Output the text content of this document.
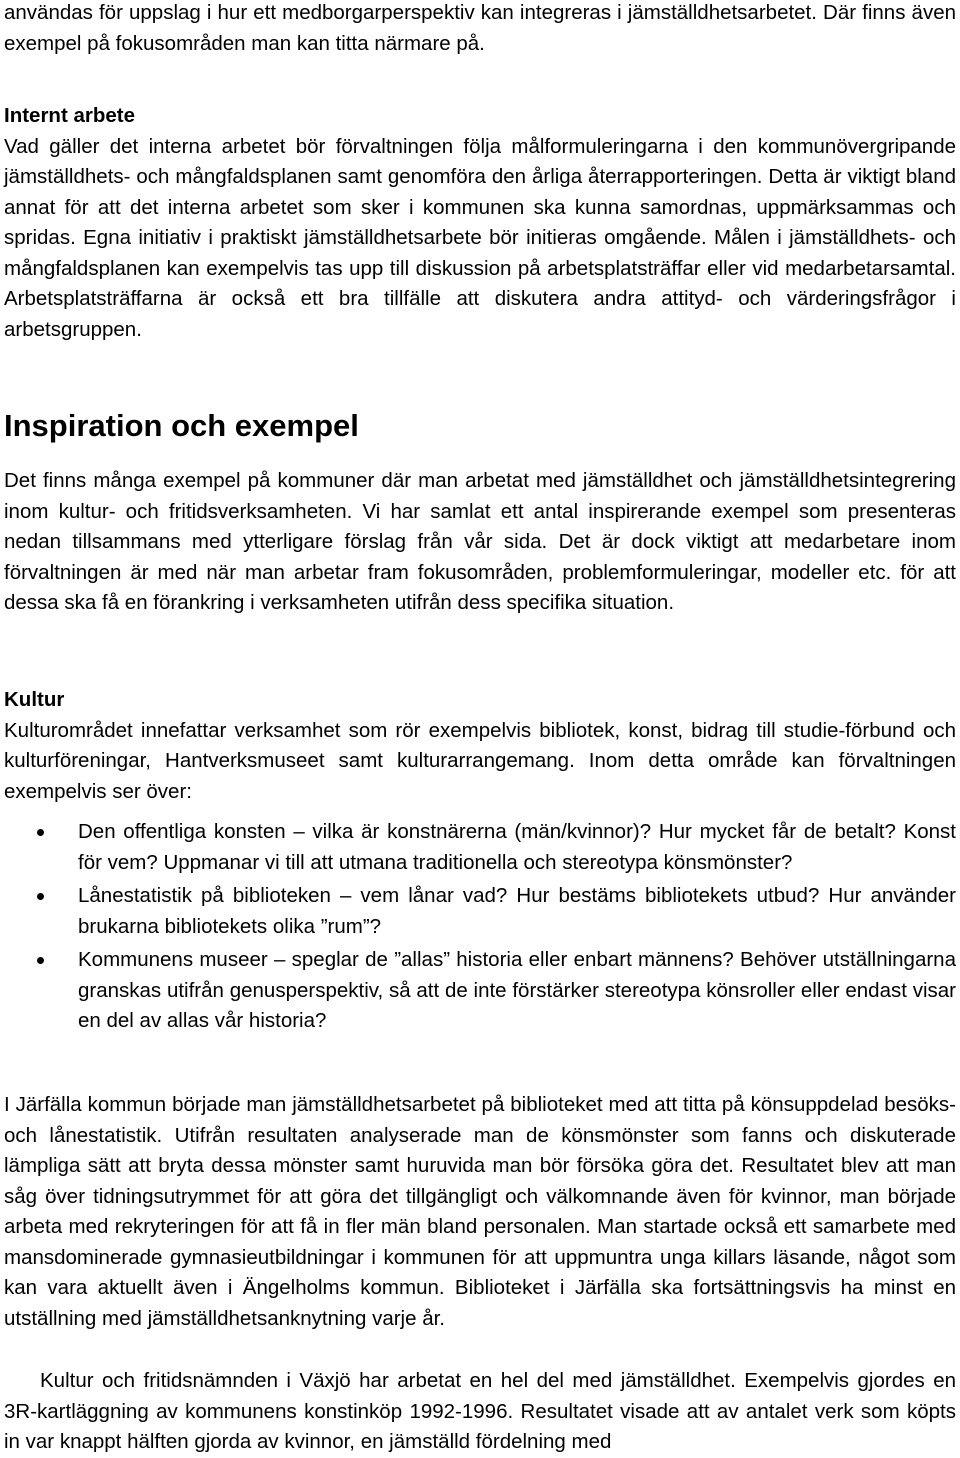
användas för uppslag i hur ett medborgarperspektiv kan integreras i jämställdhetsarbetet. Där finns även exempel på fokusområden man kan titta närmare på.

Internt arbete

Vad gäller det interna arbetet bör förvaltningen följa målformuleringarna i den kommunövergripande jämställdhets- och mångfaldsplanen samt genomföra den årliga återrapporteringen. Detta är viktigt bland annat för att det interna arbetet som sker i kommunen ska kunna samordnas, uppmärksammas och spridas. Egna initiativ i praktiskt jämställdhetsarbete bör initieras omgående. Målen i jämställdhets- och mångfaldsplanen kan exempelvis tas upp till diskussion på arbetsplatsträffar eller vid medarbetarsamtal. Arbetsplatsträffarna är också ett bra tillfälle att diskutera andra attityd- och värderingsfrågor i arbetsgruppen.

Inspiration och exempel

Det finns många exempel på kommuner där man arbetat med jämställdhet och jämställdhetsintegrering inom kultur- och fritidsverksamheten. Vi har samlat ett antal inspirerande exempel som presenteras nedan tillsammans med ytterligare förslag från vår sida. Det är dock viktigt att medarbetare inom förvaltningen är med när man arbetar fram fokusområden, problemformuleringar, modeller etc. för att dessa ska få en förankring i verksamheten utifrån dess specifika situation.

Kultur

Kulturområdet innefattar verksamhet som rör exempelvis bibliotek, konst, bidrag till studie-förbund och kulturföreningar, Hantverksmuseet samt kulturarrangemang. Inom detta område kan förvaltningen exempelvis ser över:

Den offentliga konsten – vilka är konstnärerna (män/kvinnor)? Hur mycket får de betalt? Konst för vem? Uppmanar vi till att utmana traditionella och stereotypa könsmönster?
Lånestatistik på biblioteken – vem lånar vad? Hur bestäms bibliotekets utbud? Hur använder brukarna bibliotekets olika ”rum”?
Kommunens museer – speglar de ”allas” historia eller enbart männens? Behöver utställningarna granskas utifrån genusperspektiv, så att de inte förstärker stereotypa könsroller eller endast visar en del av allas vår historia?

I Järfälla kommun började man jämställdhetsarbetet på biblioteket med att titta på könsuppdelad besöks- och lånestatistik. Utifrån resultaten analyserade man de könsmönster som fanns och diskuterade lämpliga sätt att bryta dessa mönster samt huruvida man bör försöka göra det. Resultatet blev att man såg över tidningsutrymmet för att göra det tillgängligt och välkomnande även för kvinnor, man började arbeta med rekryteringen för att få in fler män bland personalen. Man startade också ett samarbete med mansdominerade gymnasieutbildningar i kommunen för att uppmuntra unga killars läsande, något som kan vara aktuellt även i Ängelholms kommun. Biblioteket i Järfälla ska fortsättningsvis ha minst en utställning med jämställdhetsanknytning varje år.

Kultur och fritidsnämnden i Växjö har arbetat en hel del med jämställdhet. Exempelvis gjordes en 3R-kartläggning av kommunens konstinköp 1992-1996. Resultatet visade att av antalet verk som köpts in var knappt hälften gjorda av kvinnor, en jämställd fördelning med
